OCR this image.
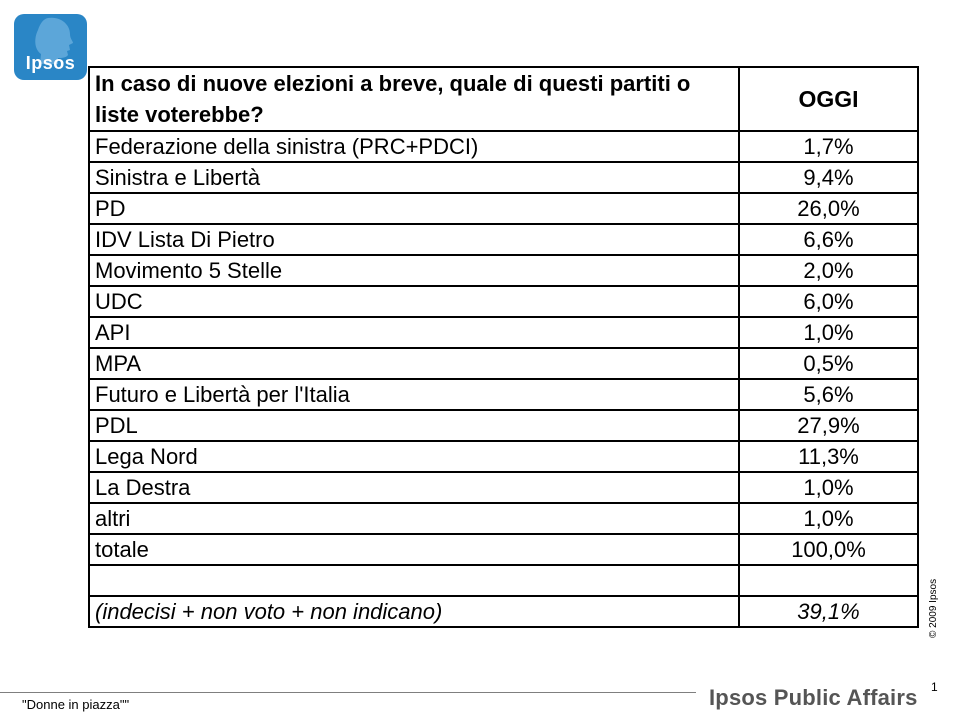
Ipsos
In caso di nuove elezioni a breve, quale di questi partiti o liste voterebbe?	OGGI
Federazione della sinistra (PRC+PDCI)	1,7%
Sinistra e Libertà	9,4%
PD	26,0%
IDV Lista Di Pietro	6,6%
Movimento 5 Stelle	2,0%
UDC	6,0%
API	1,0%
MPA	0,5%
Futuro e Libertà per l'Italia	5,6%
PDL	27,9%
Lega Nord	11,3%
La Destra	1,0%
altri	1,0%
totale	100,0%

(indecisi + non voto + non indicano)	39,1%	© 2009 Ipsos
"Donne in piazza""	Ipsos Public Affairs 1
